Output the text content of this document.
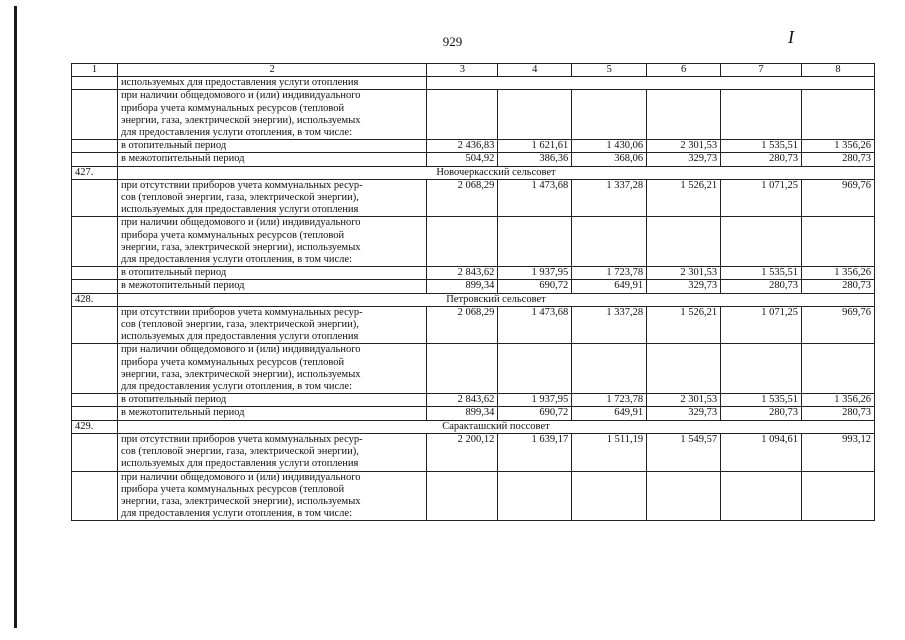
929	I
1	2	3	4	5	6	7	8
	используемых для предоставления услуги отопления						

	при наличии общедомового и (или) индивидуального
прибора учета коммунальных ресурсов (тепловой
энергии, газа, электрической энергии), используемых
для предоставления услуги отопления, в том числе:						

	в отопительный период	2 436,83	1 621,61	1 430,06	2 301,53	1 535,51	1 356,26

	в межотопительный период	504,92	386,36	368,06	329,73	280,73	280,73
427.	Новочеркасский сельсовет						

	при отсутствии приборов учета коммунальных ресур-
сов (тепловой энергии, газа, электрической энергии),
используемых для предоставления услуги отопления	2 068,29	1 473,68	1 337,28	1 526,21	1 071,25	969,76

	при наличии общедомового и (или) индивидуального
прибора учета коммунальных ресурсов (тепловой
энергии, газа, электрической энергии), используемых
для предоставления услуги отопления, в том числе:						

	в отопительный период	2 843,62	1 937,95	1 723,78	2 301,53	1 535,51	1 356,26

	в межотопительный период	899,34	690,72	649,91	329,73	280,73	280,73
428.	Петровский сельсовет						

	при отсутствии приборов учета коммунальных ресур-
сов (тепловой энергии, газа, электрической энергии),
используемых для предоставления услуги отопления	2 068,29	1 473,68	1 337,28	1 526,21	1 071,25	969,76

	при наличии общедомового и (или) индивидуального
прибора учета коммунальных ресурсов (тепловой
энергии, газа, электрической энергии), используемых
для предоставления услуги отопления, в том числе:						

	в отопительный период	2 843,62	1 937,95	1 723,78	2 301,53	1 535,51	1 356,26

	в межотопительный период	899,34	690,72	649,91	329,73	280,73	280,73
429.	Саракташский поссовет						

	при отсутствии приборов учета коммунальных ресур-
сов (тепловой энергии, газа, электрической энергии),
используемых для предоставления услуги отопления	2 200,12	1 639,17	1 511,19	1 549,57	1 094,61	993,12

	при наличии общедомового и (или) индивидуального
прибора учета коммунальных ресурсов (тепловой
энергии, газа, электрической энергии), используемых
для предоставления услуги отопления, в том числе:						
